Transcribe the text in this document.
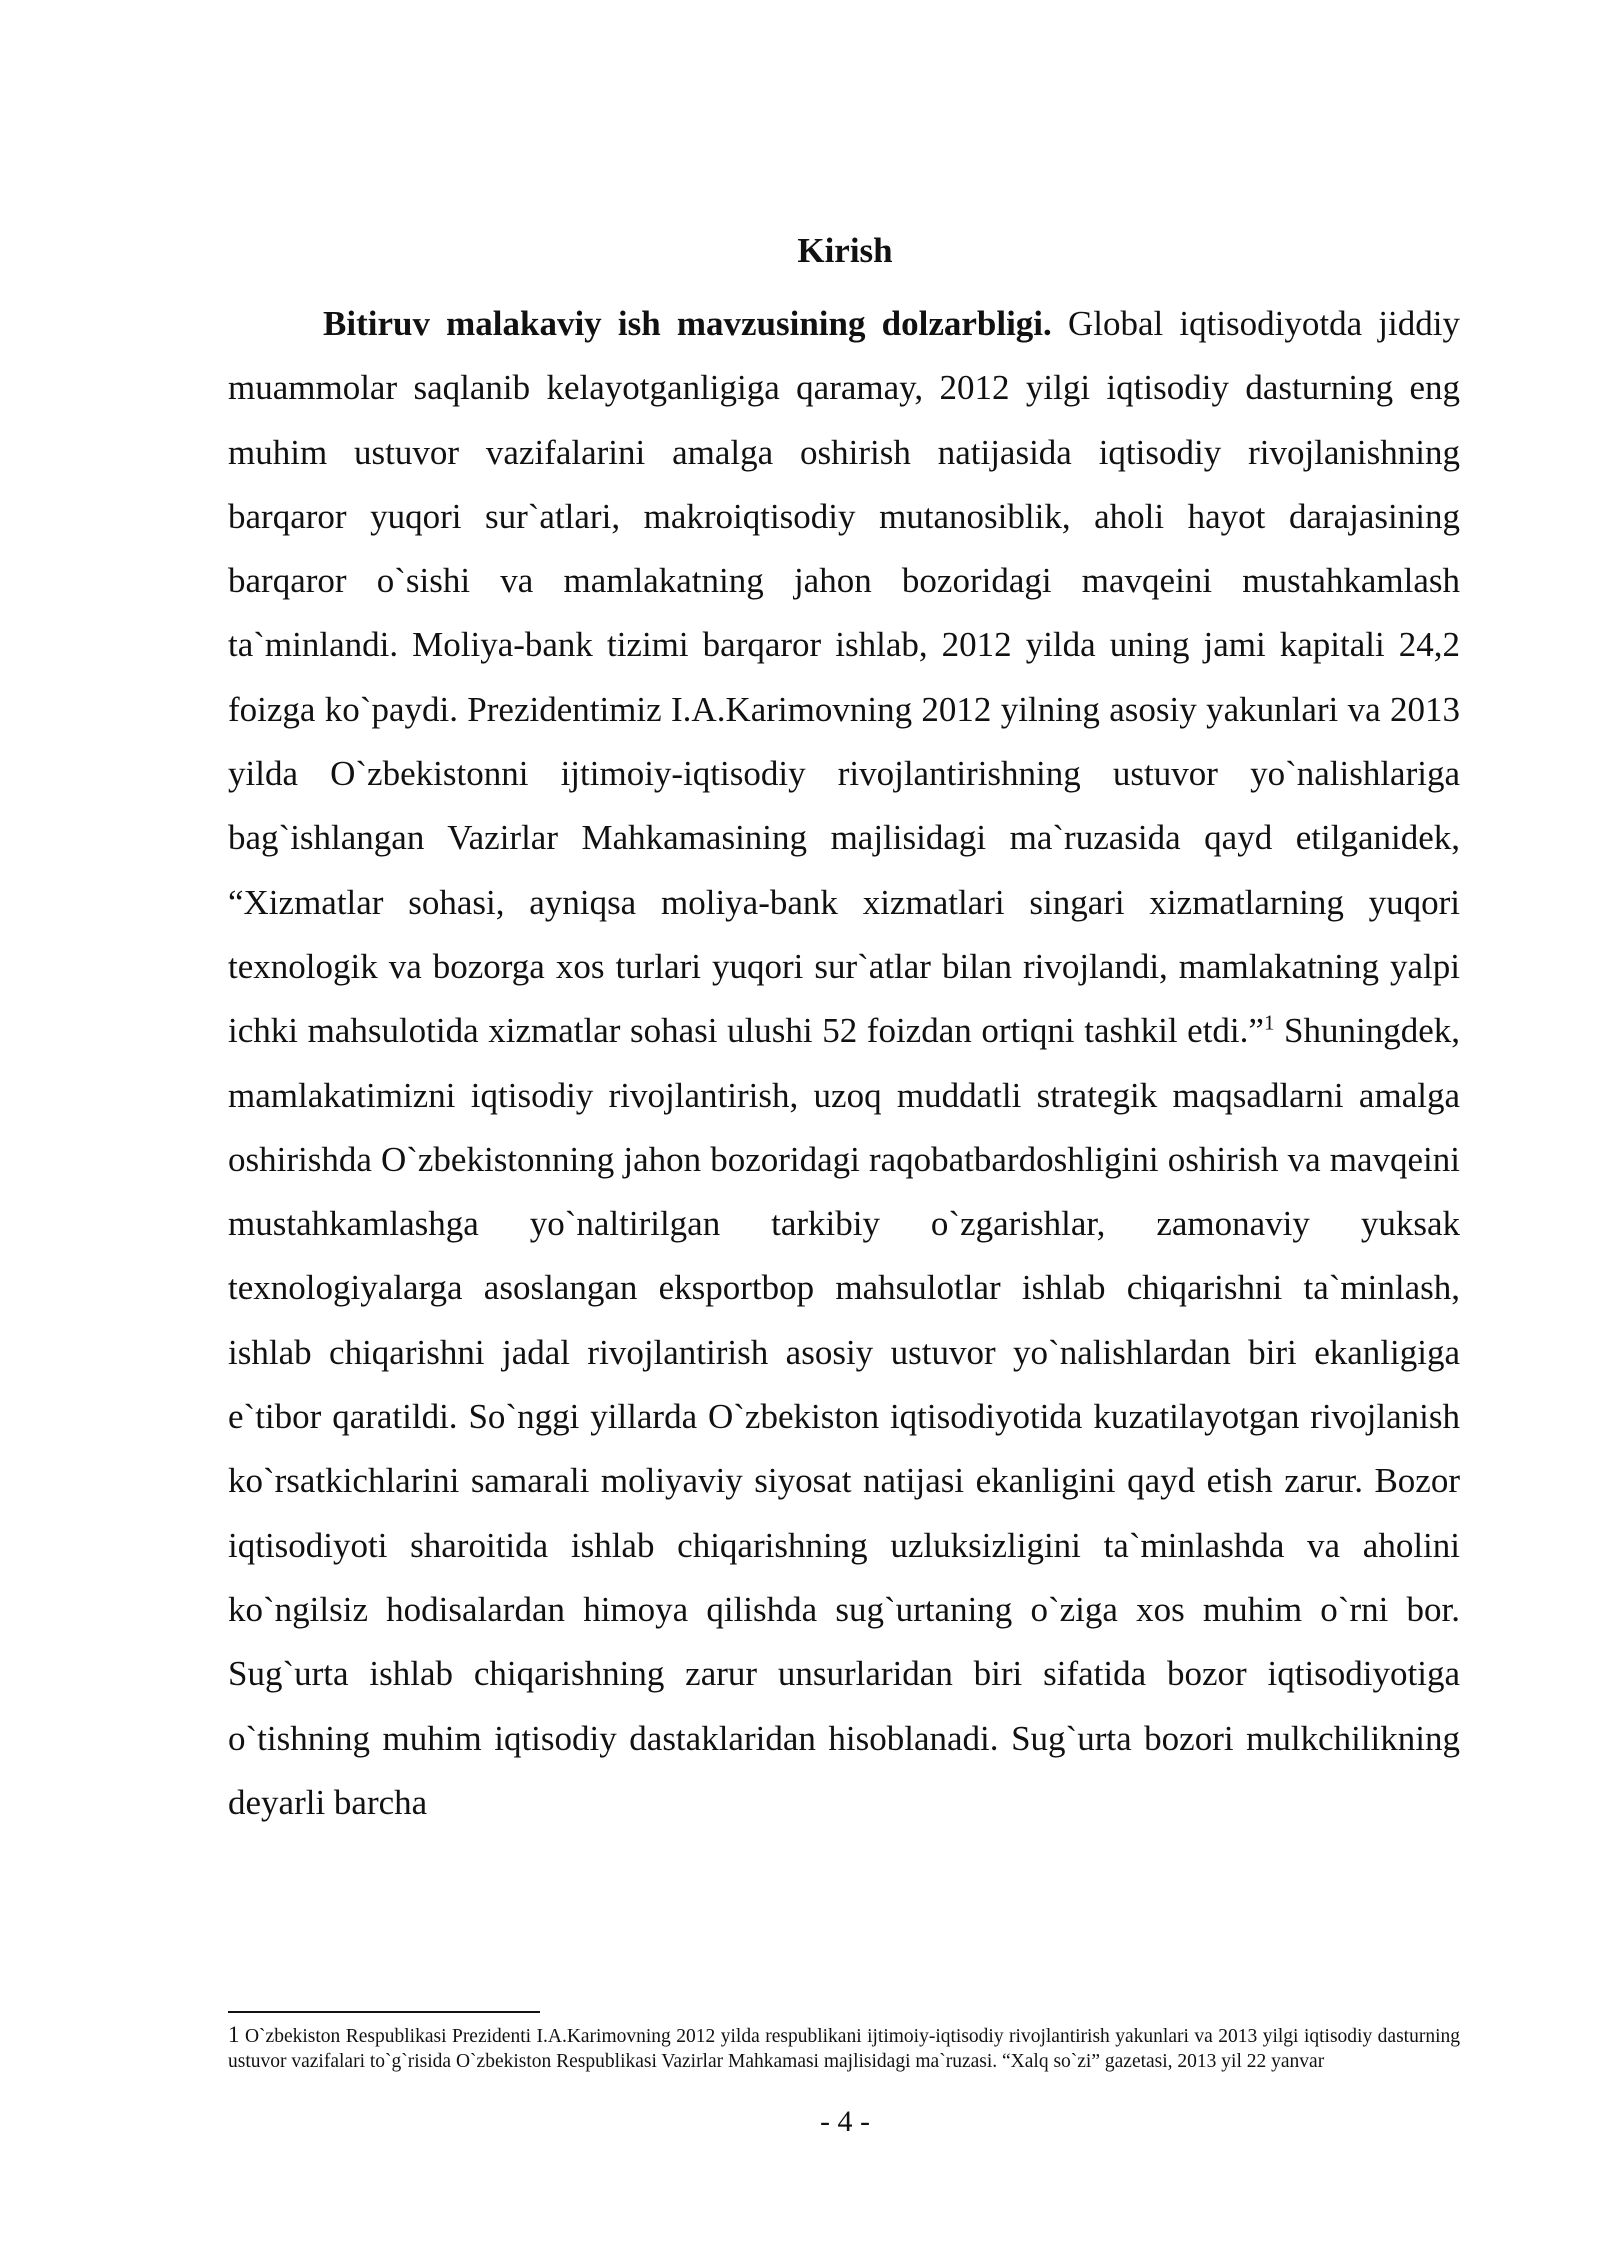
Kirish

Bitiruv malakaviy ish mavzusining dolzarbligi. Global iqtisodiyotda jiddiy muammolar saqlanib kelayotganligiga qaramay, 2012 yilgi iqtisodiy dasturning eng muhim ustuvor vazifalarini amalga oshirish natijasida iqtisodiy rivojlanishning barqaror yuqori sur`atlari, makroiqtisodiy mutanosiblik, aholi hayot darajasining barqaror o`sishi va mamlakatning jahon bozoridagi mavqeini mustahkamlash ta`minlandi. Moliya-bank tizimi barqaror ishlab, 2012 yilda uning jami kapitali 24,2 foizga ko`paydi. Prezidentimiz I.A.Karimovning 2012 yilning asosiy yakunlari va 2013 yilda O`zbekistonni ijtimoiy-iqtisodiy rivojlantirishning ustuvor yo`nalishlariga bag`ishlangan Vazirlar Mahkamasining majlisidagi ma`ruzasida qayd etilganidek, “Xizmatlar sohasi, ayniqsa moliya-bank xizmatlari singari xizmatlarning yuqori texnologik va bozorga xos turlari yuqori sur`atlar bilan rivojlandi, mamlakatning yalpi ichki mahsulotida xizmatlar sohasi ulushi 52 foizdan ortiqni tashkil etdi.”$^1$ Shuningdek, mamlakatimizni iqtisodiy rivojlantirish, uzoq muddatli strategik maqsadlarni amalga oshirishda O`zbekistonning jahon bozoridagi raqobatbardoshligini oshirish va mavqeini mustahkamlashga yo`naltirilgan tarkibiy o`zgarishlar, zamonaviy yuksak texnologiyalarga asoslangan eksportbop mahsulotlar ishlab chiqarishni ta`minlash, ishlab chiqarishni jadal rivojlantirish asosiy ustuvor yo`nalishlardan biri ekanligiga e`tibor qaratildi. So`nggi yillarda O`zbekiston iqtisodiyotida kuzatilayotgan rivojlanish ko`rsatkichlarini samarali moliyaviy siyosat natijasi ekanligini qayd etish zarur. Bozor iqtisodiyoti sharoitida ishlab chiqarishning uzluksizligini ta`minlashda va aholini ko`ngilsiz hodisalardan himoya qilishda sug`urtaning o`ziga xos muhim o`rni bor. Sug`urta ishlab chiqarishning zarur unsurlaridan biri sifatida bozor iqtisodiyotiga o`tishning muhim iqtisodiy dastaklaridan hisoblanadi. Sug`urta bozori mulkchilikning deyarli barcha

1 O`zbekiston Respublikasi Prezidenti I.A.Karimovning 2012 yilda respublikani ijtimoiy-iqtisodiy rivojlantirish yakunlari va 2013 yilgi iqtisodiy dasturning ustuvor vazifalari to`g`risida O`zbekiston Respublikasi Vazirlar Mahkamasi majlisidagi ma`ruzasi. “Xalq so`zi” gazetasi, 2013 yil 22 yanvar

- 4 -
